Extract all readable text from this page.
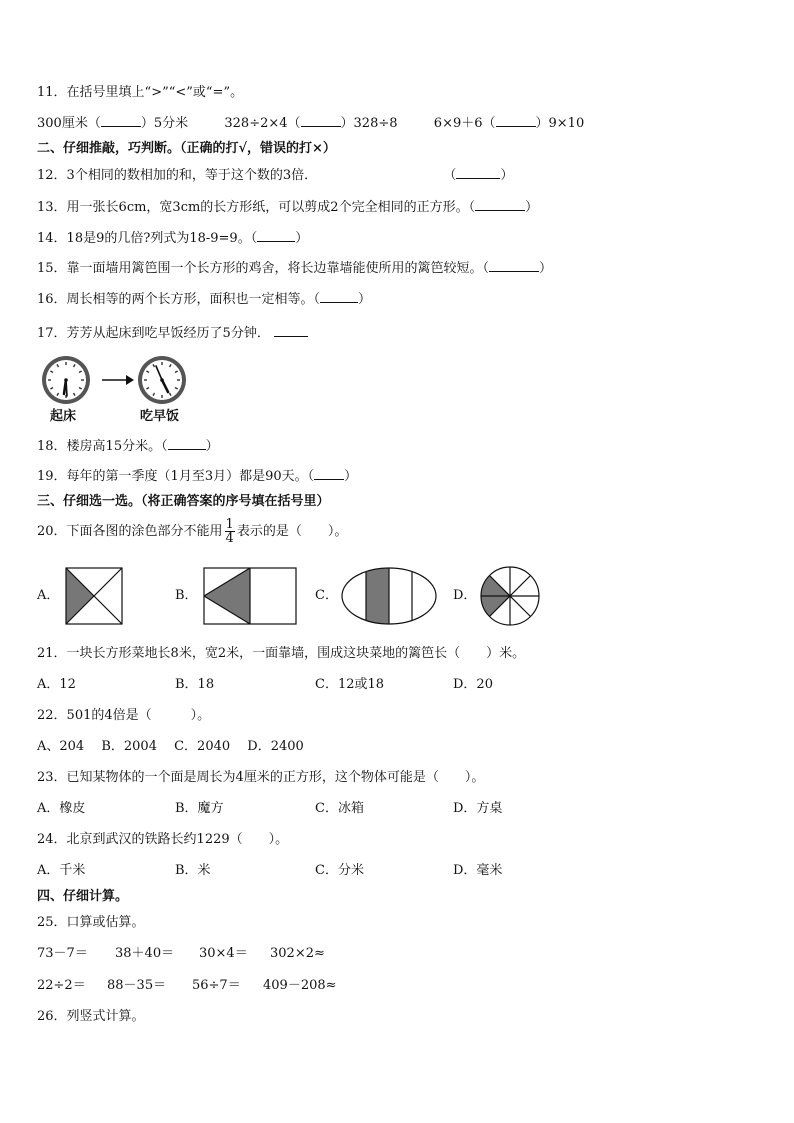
11．在括号里填上“>”“<”或“=”。
300厘米（	）5分米	328÷2×4（	）328÷8	6×9＋6（	）9×10
二、仔细推敲，巧判断。（正确的打√，错误的打×）
12．3个相同的数相加的和，等于这个数的3倍．	（	）
13．用一张长6cm，宽3cm的长方形纸，可以剪成2个完全相同的正方形。（	）
14．18是9的几倍?列式为18-9=9。（	）
15．靠一面墙用篱笆围一个长方形的鸡舍，将长边靠墙能使所用的篱笆较短。（	）
16．周长相等的两个长方形，面积也一定相等。（	）
17．芳芳从起床到吃早饭经历了5分钟．
起床	吃早饭
18．楼房高15分米。（	）
19．每年的第一季度（1月至3月）都是90天。（ ）
三、仔细选一选。（将正确答案的序号填在括号里）
20．下面各图的涂色部分不能用 $\frac{1}{4}$ 表示的是（　　）。
A．	B．	C．	D．
21．一块长方形菜地长8米，宽2米，一面靠墙，围成这块菜地的篱笆长（　　）米。
A．12	B．18	C．12或18	D．20
22．501的4倍是（　　　）。
A、204　 B．2004　 C．2040　 D．2400
23．已知某物体的一个面是周长为4厘米的正方形，这个物体可能是（　　）。
A．橡皮	B．魔方	C．冰箱	D．方桌
24．北京到武汉的铁路长约1229（　　）。
A．千米	B．米	C．分米	D．毫米
四、仔细计算。
25．口算或估算。
73－7＝ 38＋40＝ 30×4＝ 302×2≈
22÷2＝ 88－35＝ 56÷7＝ 409－208≈
26．列竖式计算。
